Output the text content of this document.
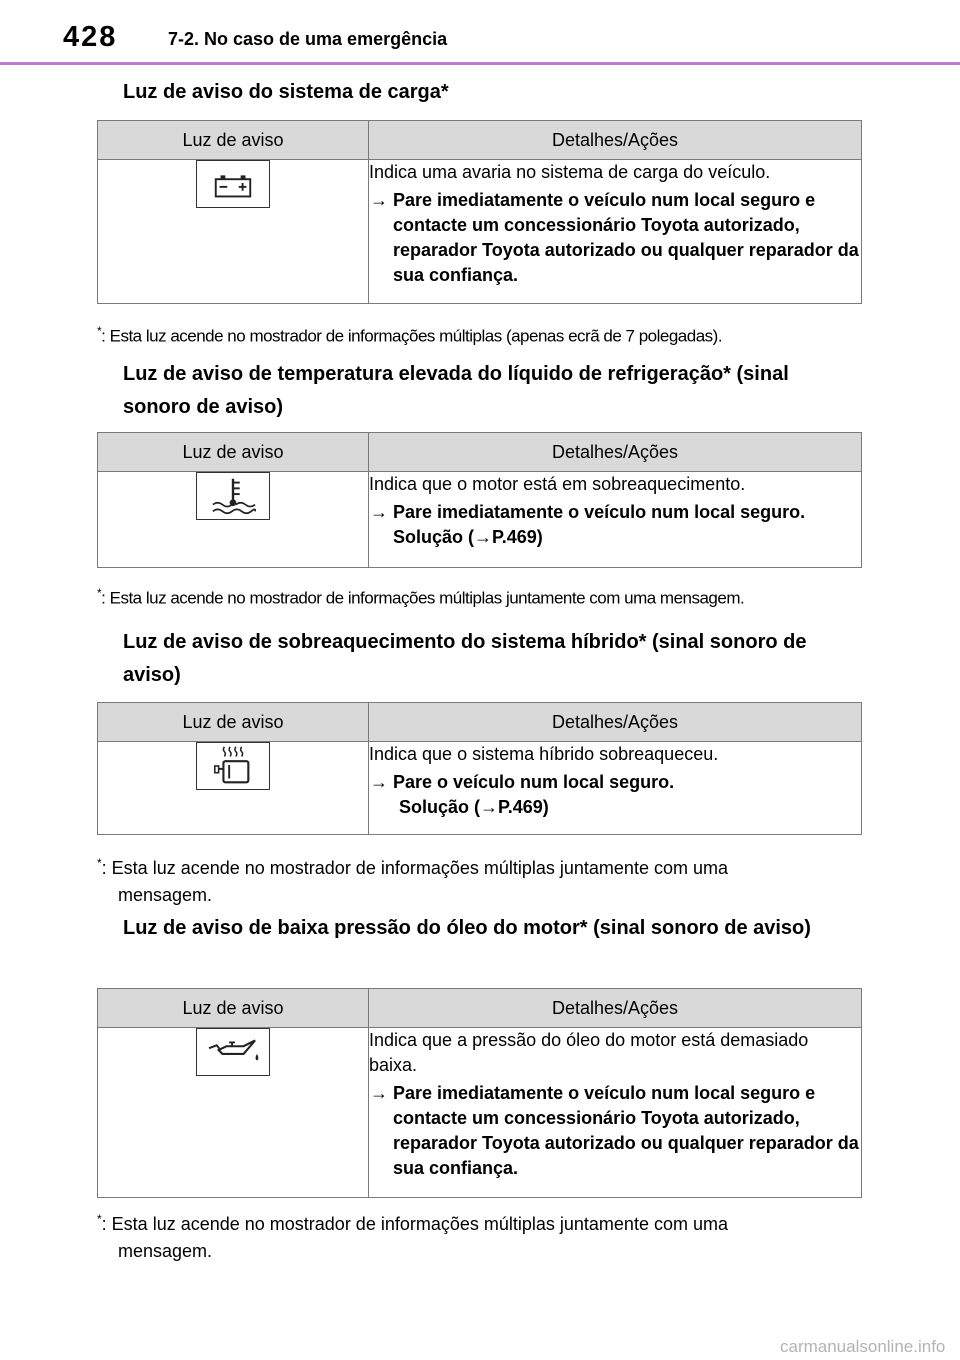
428	7-2. No caso de uma emergência
Luz de aviso do sistema de carga*
Luz de aviso	Detalhes/Ações

Indica uma avaria no sistema de carga do veículo.

→ Pare imediatamente o veículo num local seguro e contacte um concessionário Toyota autorizado, reparador Toyota autorizado ou qualquer reparador da sua confiança.
*: Esta luz acende no mostrador de informações múltiplas (apenas ecrã de 7 polegadas).
Luz de aviso de temperatura elevada do líquido de refrigeração* (sinal sonoro de aviso)
Luz de aviso	Detalhes/Ações

Indica que o motor está em sobreaquecimento.

→ Pare imediatamente o veículo num local seguro.
Solução (→P.469)
*: Esta luz acende no mostrador de informações múltiplas juntamente com uma mensagem.
Luz de aviso de sobreaquecimento do sistema híbrido* (sinal sonoro de aviso)
Luz de aviso	Detalhes/Ações

Indica que o sistema híbrido sobreaqueceu.

→ Pare o veículo num local seguro.
Solução (→P.469)
*: Esta luz acende no mostrador de informações múltiplas juntamente com uma
mensagem.
Luz de aviso de baixa pressão do óleo do motor* (sinal sonoro de aviso)
Luz de aviso	Detalhes/Ações

Indica que a pressão do óleo do motor está demasiado baixa.

→ Pare imediatamente o veículo num local seguro e contacte um concessionário Toyota autorizado, reparador Toyota autorizado ou qualquer reparador da sua confiança.
*: Esta luz acende no mostrador de informações múltiplas juntamente com uma
mensagem.
carmanualsonline.info
